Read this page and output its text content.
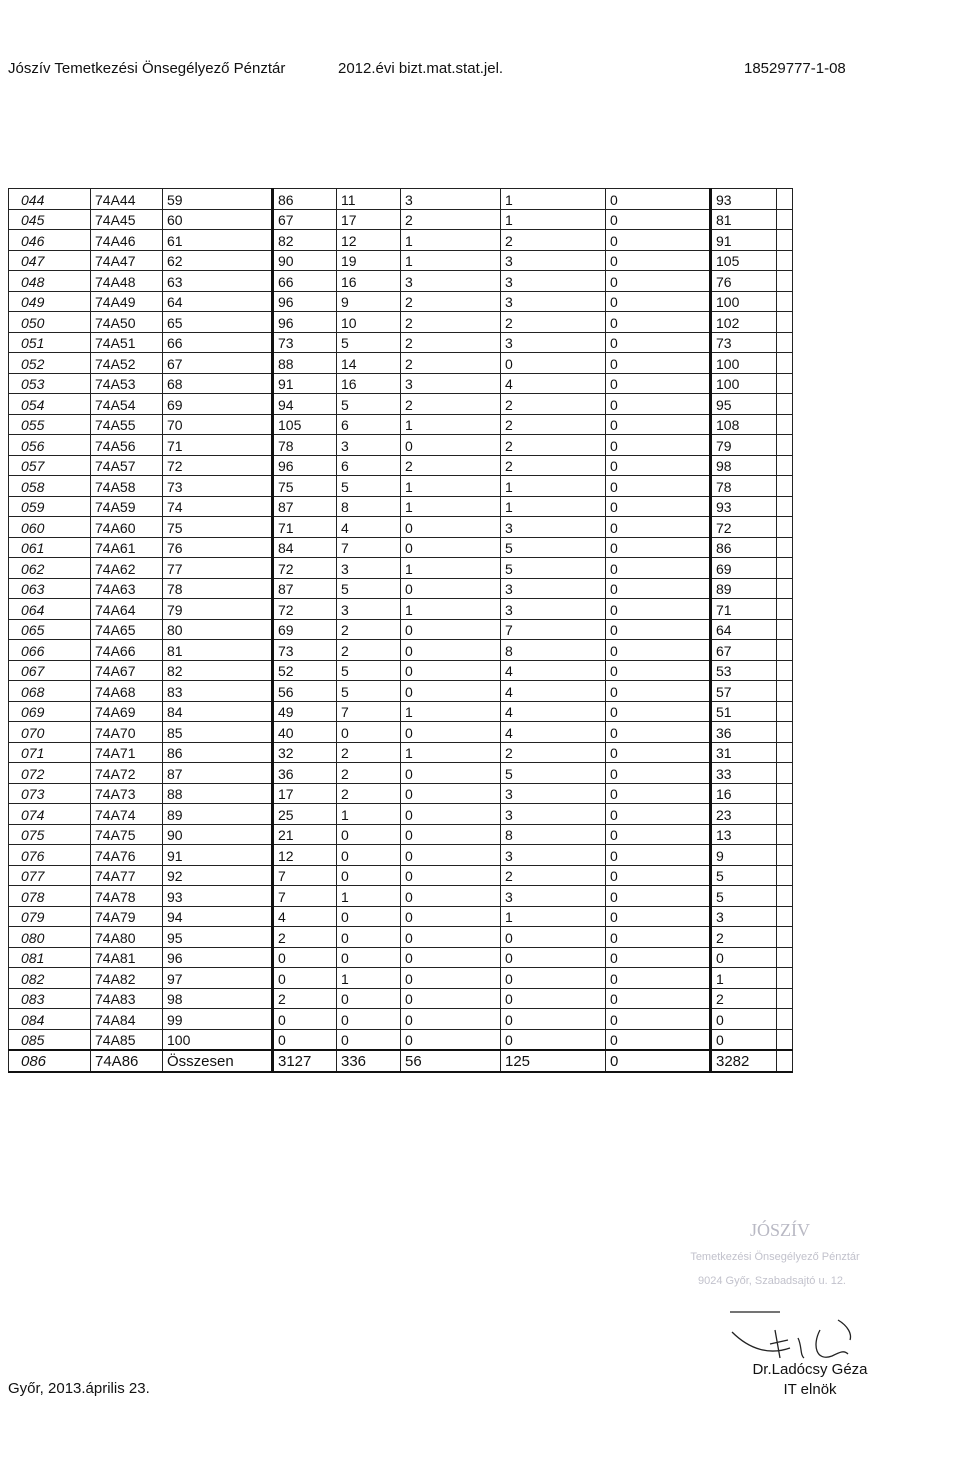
Jószív Temetkezési Önsegélyező Pénztár	2012.évi bizt.mat.stat.jel.	18529777-1-08
044	74A44	59	86	11	3	1	0	93	
045	74A45	60	67	17	2	1	0	81	
046	74A46	61	82	12	1	2	0	91	
047	74A47	62	90	19	1	3	0	105	
048	74A48	63	66	16	3	3	0	76	
049	74A49	64	96	9	2	3	0	100	
050	74A50	65	96	10	2	2	0	102	
051	74A51	66	73	5	2	3	0	73	
052	74A52	67	88	14	2	0	0	100	
053	74A53	68	91	16	3	4	0	100	
054	74A54	69	94	5	2	2	0	95	
055	74A55	70	105	6	1	2	0	108	
056	74A56	71	78	3	0	2	0	79	
057	74A57	72	96	6	2	2	0	98	
058	74A58	73	75	5	1	1	0	78	
059	74A59	74	87	8	1	1	0	93	
060	74A60	75	71	4	0	3	0	72	
061	74A61	76	84	7	0	5	0	86	
062	74A62	77	72	3	1	5	0	69	
063	74A63	78	87	5	0	3	0	89	
064	74A64	79	72	3	1	3	0	71	
065	74A65	80	69	2	0	7	0	64	
066	74A66	81	73	2	0	8	0	67	
067	74A67	82	52	5	0	4	0	53	
068	74A68	83	56	5	0	4	0	57	
069	74A69	84	49	7	1	4	0	51	
070	74A70	85	40	0	0	4	0	36	
071	74A71	86	32	2	1	2	0	31	
072	74A72	87	36	2	0	5	0	33	
073	74A73	88	17	2	0	3	0	16	
074	74A74	89	25	1	0	3	0	23	
075	74A75	90	21	0	0	8	0	13	
076	74A76	91	12	0	0	3	0	9	
077	74A77	92	7	0	0	2	0	5	
078	74A78	93	7	1	0	3	0	5	
079	74A79	94	4	0	0	1	0	3	
080	74A80	95	2	0	0	0	0	2	
081	74A81	96	0	0	0	0	0	0	
082	74A82	97	0	1	0	0	0	1	
083	74A83	98	2	0	0	0	0	2	
084	74A84	99	0	0	0	0	0	0	
085	74A85	100	0	0	0	0	0	0	
086	74A86	Összesen	3127	336	56	125	0	3282	
JÓSZÍV
Temetkezési Önsegélyező Pénztár
9024 Győr, Szabadsajtó u. 12.
Győr, 2013.április 23.
Dr.Ladócsy Géza
IT elnök
